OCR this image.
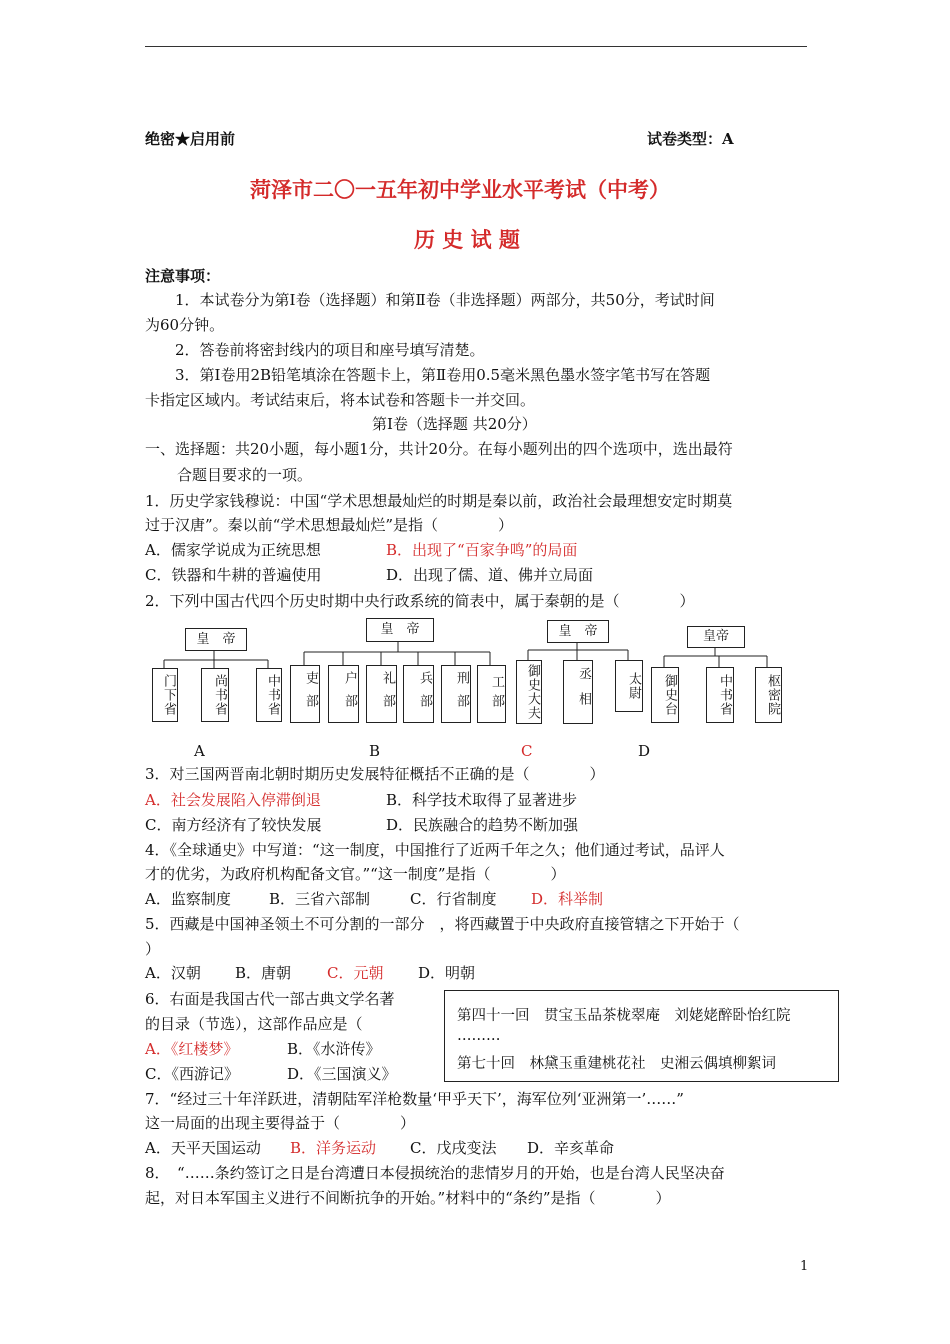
绝密★启用前	试卷类型：A
菏泽市二〇一五年初中学业水平考试（中考）
历 史 试 题
注意事项：
1．本试卷分为第Ⅰ卷（选择题）和第Ⅱ卷（非选择题）两部分，共50分，考试时间
为60分钟。
2．答卷前将密封线内的项目和座号填写清楚。
3．第Ⅰ卷用2B铅笔填涂在答题卡上，第Ⅱ卷用0.5毫米黑色墨水签字笔书写在答题
卡指定区域内。考试结束后，将本试卷和答题卡一并交回。
第Ⅰ卷（选择题 共20分）
一、选择题：共20小题，每小题1分，共计20分。在每小题列出的四个选项中，选出最符
合题目要求的一项。
1．历史学家钱穆说：中国“学术思想最灿烂的时期是秦以前，政治社会最理想安定时期莫
过于汉唐”。秦以前“学术思想最灿烂”是指（　　　　）
A．儒家学说成为正统思想	B．出现了“百家争鸣”的局面
C．铁器和牛耕的普遍使用	D．出现了儒、道、佛并立局面
2．下列中国古代四个历史时期中央行政系统的简表中，属于秦朝的是（　　　　）
皇　帝
门下省	尚书省	中书省
皇　帝
吏部	户部	礼部	兵部	刑部	工部
皇　帝
御史大夫	丞相	太尉
皇帝
御史台	中书省	枢密院
A	B	C	D
3．对三国两晋南北朝时期历史发展特征概括不正确的是（　　　　）
A．社会发展陷入停滞倒退	B．科学技术取得了显著进步
C．南方经济有了较快发展	D．民族融合的趋势不断加强
4．《全球通史》中写道：“这一制度，中国推行了近两千年之久；他们通过考试，品评人
才的优劣，为政府机构配备文官。”“这一制度”是指（　　　　）
A．监察制度	B．三省六部制	C．行省制度 D．科举制
5．西藏是中国神圣领土不可分割的一部分　，将西藏置于中央政府直接管辖之下开始于（
）
A．汉朝 B．唐朝 C．元朝 D．明朝
6．右面是我国古代一部古典文学名著
的目录（节选），这部作品应是（
A．《红楼梦》	B．《水浒传》
C．《西游记》	D．《三国演义》
第四十一回　贯宝玉品茶栊翠庵　刘姥姥醉卧怡红院
………
第七十回　林黛玉重建桃花社　史湘云偶填柳絮词
7．“经过三十年洋跃进，清朝陆军洋枪数量‘甲乎天下’，海军位列‘亚洲第一’……”
这一局面的出现主要得益于（　　　　）
A．天平天国运动 B．洋务运动 C．戊戌变法 D．辛亥革命
8．　“……条约签订之日是台湾遭日本侵损统治的悲情岁月的开始，也是台湾人民坚决奋
起，对日本军国主义进行不间断抗争的开始。”材料中的“条约”是指（　　　　）
1
